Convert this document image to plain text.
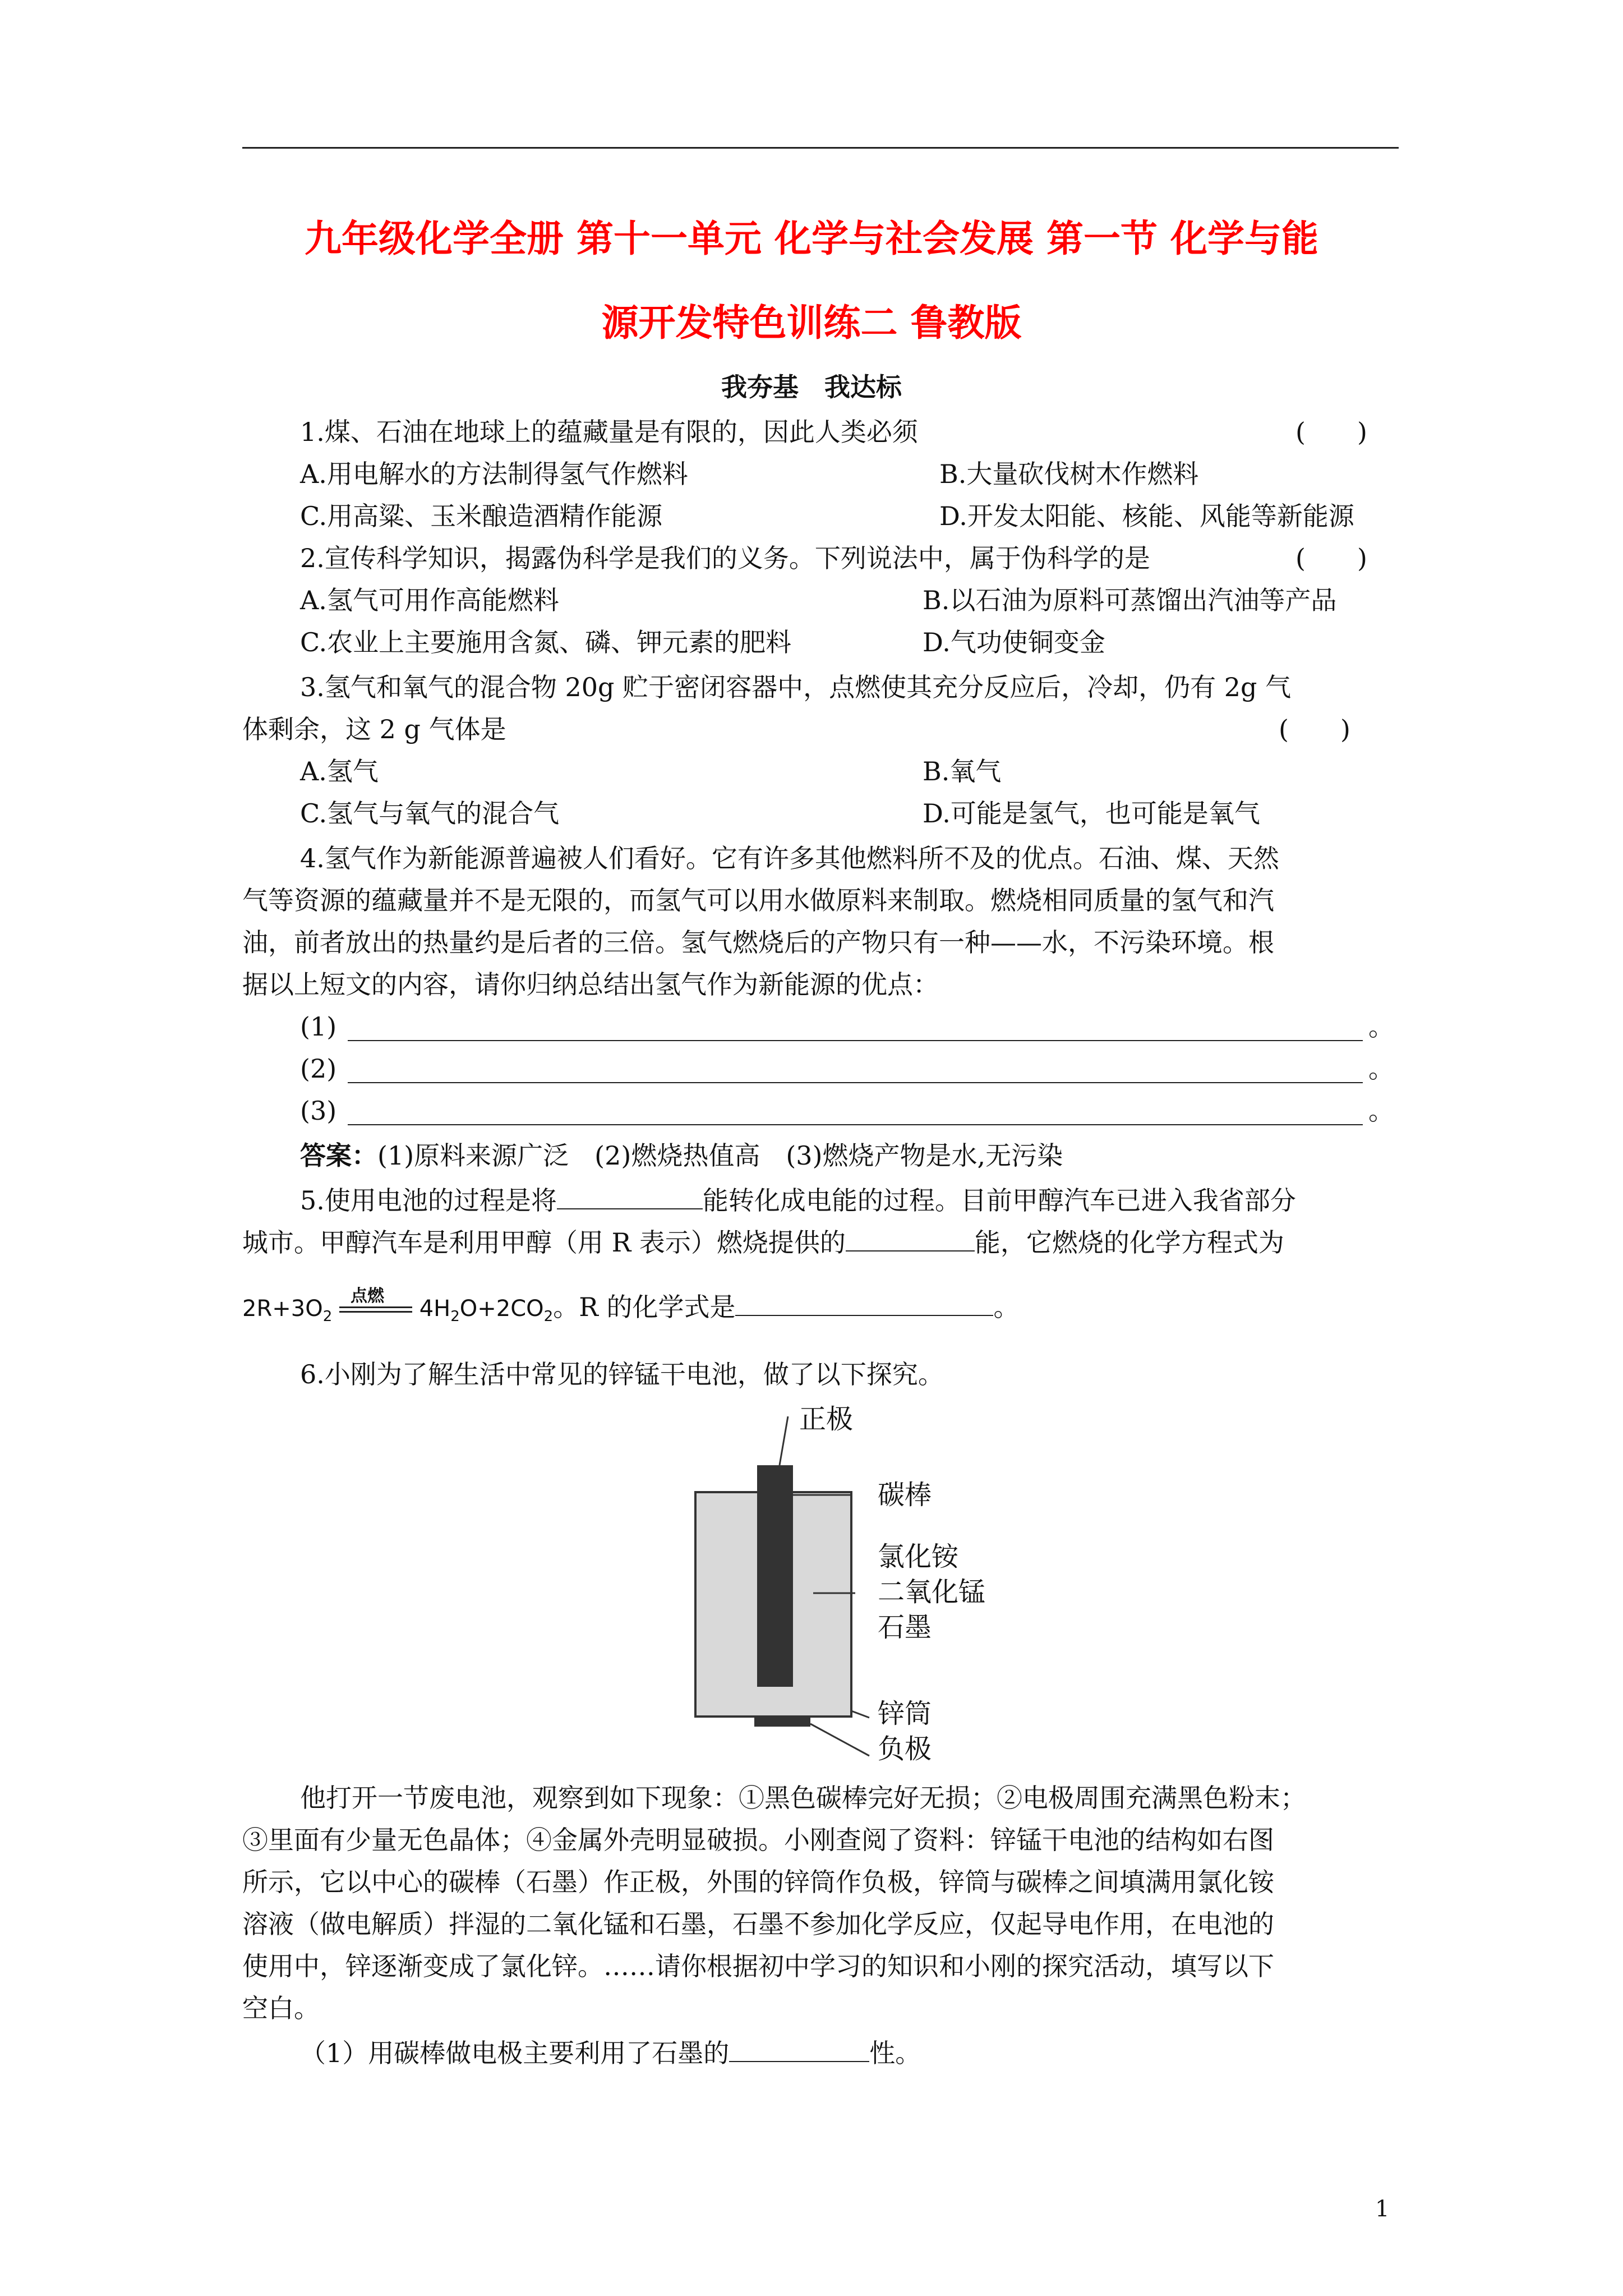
九年级化学全册 第十一单元 化学与社会发展 第一节 化学与能
源开发特色训练二 鲁教版
我夯基　我达标
1.煤、石油在地球上的蕴藏量是有限的，因此人类必须	(　　)
A.用电解水的方法制得氢气作燃料	B.大量砍伐树木作燃料
C.用高粱、玉米酿造酒精作能源	D.开发太阳能、核能、风能等新能源
2.宣传科学知识，揭露伪科学是我们的义务。下列说法中，属于伪科学的是	(　　)
A.氢气可用作高能燃料	B.以石油为原料可蒸馏出汽油等产品
C.农业上主要施用含氮、磷、钾元素的肥料	D.气功使铜变金
3.氢气和氧气的混合物 20g 贮于密闭容器中，点燃使其充分反应后，冷却，仍有 2g 气
体剩余，这 2 g 气体是	(　　)
A.氢气	B.氧气
C.氢气与氧气的混合气	D.可能是氢气，也可能是氧气
4.氢气作为新能源普遍被人们看好。它有许多其他燃料所不及的优点。石油、煤、天然
气等资源的蕴藏量并不是无限的，而氢气可以用水做原料来制取。燃烧相同质量的氢气和汽
油，前者放出的热量约是后者的三倍。氢气燃烧后的产物只有一种——水，不污染环境。根
据以上短文的内容，请你归纳总结出氢气作为新能源的优点：
(1)	。
(2)	。
(3)	。
答案：(1)原料来源广泛　(2)燃烧热值高　(3)燃烧产物是水,无污染
5.使用电池的过程是将	能转化成电能的过程。目前甲醇汽车已进入我省部分
城市。甲醇汽车是利用甲醇（用 R 表示）燃烧提供的	能，它燃烧的化学方程式为
$2R+3O_2$
点燃 $4H_2O+2CO_2$。R 的化学式是	。
6.小刚为了解生活中常见的锌锰干电池，做了以下探究。
正极
碳棒
氯化铵
二氧化锰
石墨
锌筒
负极
他打开一节废电池，观察到如下现象：①黑色碳棒完好无损；②电极周围充满黑色粉末；
③里面有少量无色晶体；④金属外壳明显破损。小刚查阅了资料：锌锰干电池的结构如右图
所示，它以中心的碳棒（石墨）作正极，外围的锌筒作负极，锌筒与碳棒之间填满用氯化铵
溶液（做电解质）拌湿的二氧化锰和石墨，石墨不参加化学反应，仅起导电作用，在电池的
使用中，锌逐渐变成了氯化锌。……请你根据初中学习的知识和小刚的探究活动，填写以下
空白。
（1）用碳棒做电极主要利用了石墨的	性。
1
